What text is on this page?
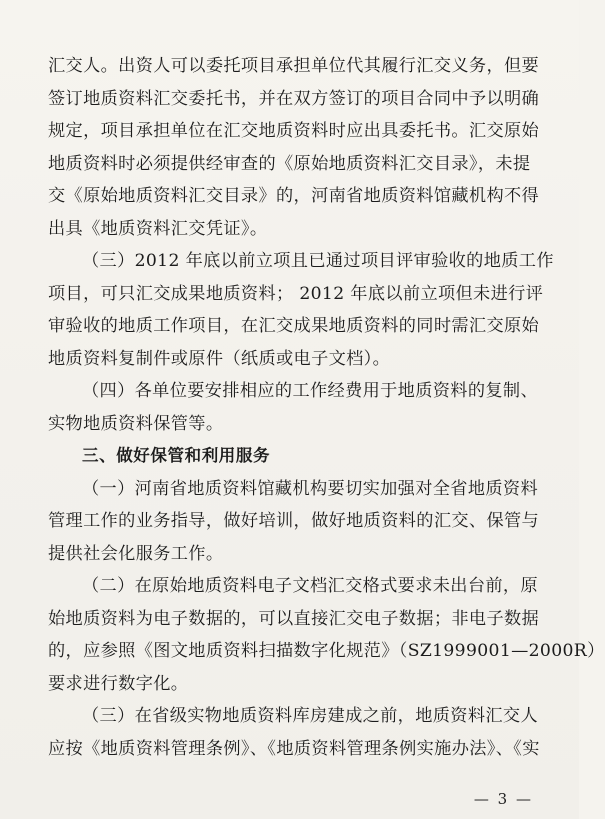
汇交人。出资人可以委托项目承担单位代其履行汇交义务，但要
签订地质资料汇交委托书，并在双方签订的项目合同中予以明确
规定，项目承担单位在汇交地质资料时应出具委托书。汇交原始
地质资料时必须提供经审查的《原始地质资料汇交目录》，未提
交《原始地质资料汇交目录》的，河南省地质资料馆藏机构不得
出具《地质资料汇交凭证》。
（三）2012 年底以前立项且已通过项目评审验收的地质工作
项目，可只汇交成果地质资料； 2012 年底以前立项但未进行评
审验收的地质工作项目，在汇交成果地质资料的同时需汇交原始
地质资料复制件或原件（纸质或电子文档）。
（四）各单位要安排相应的工作经费用于地质资料的复制、
实物地质资料保管等。
三、做好保管和利用服务
（一）河南省地质资料馆藏机构要切实加强对全省地质资料
管理工作的业务指导，做好培训，做好地质资料的汇交、保管与
提供社会化服务工作。
（二）在原始地质资料电子文档汇交格式要求未出台前，原
始地质资料为电子数据的，可以直接汇交电子数据；非电子数据
的，应参照《图文地质资料扫描数字化规范》（SZ1999001—2000R）
要求进行数字化。
（三）在省级实物地质资料库房建成之前，地质资料汇交人
应按《地质资料管理条例》、《地质资料管理条例实施办法》、《实
— 3 —
